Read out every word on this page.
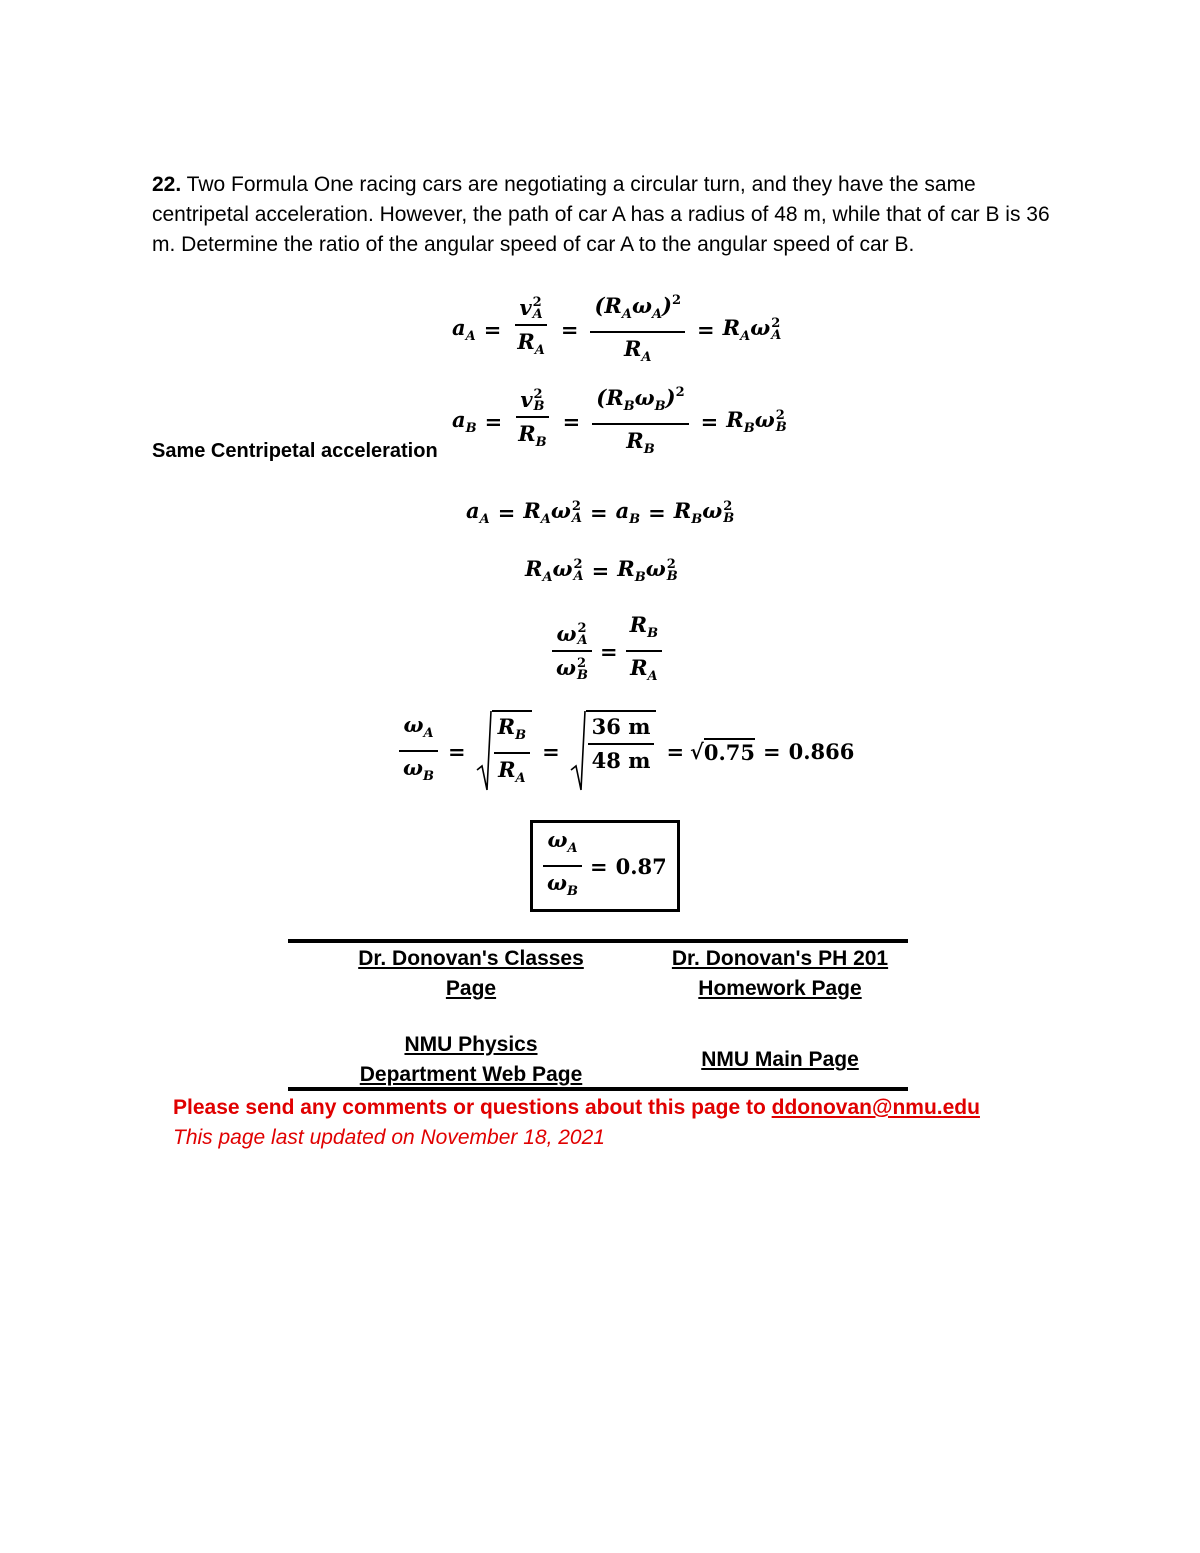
22. Two Formula One racing cars are negotiating a circular turn, and they have the same centripetal acceleration. However, the path of car A has a radius of 48 m, while that of car B is 36 m. Determine the ratio of the angular speed of car A to the angular speed of car B.
$a_A = v$ 2
A
$R_A = \frac{(R_A\omega_A)^2}{R_A} = R_A\omega$ 2
A
$a_B = v$ 2
B
$R_B = \frac{(R_B\omega_B)^2}{R_B} = R_B\omega$ 2
B
Same Centripetal acceleration
$a_A = R_A\omega$ 2
$A = a_B = R_B\omega$ 2
B
$R_A\omega$ 2
$A = R_B\omega$ 2
B
ω 2
A
ω 2
$B = \frac{R_B}{R_A}$
$\frac{\omega_A}{\omega_B} = \frac{R_B}{R_A} = \frac{36 m}{48 m}$ = √ 0.75 = 0.866
$\frac{\omega_A}{\omega_B} = 0.87$
Dr. Donovan's Classes
Page
Dr. Donovan's PH 201
Homework Page
NMU Physics
Department Web Page
NMU Main Page
Please send any comments or questions about this page to ddonovan@nmu.edu
This page last updated on November 18, 2021
